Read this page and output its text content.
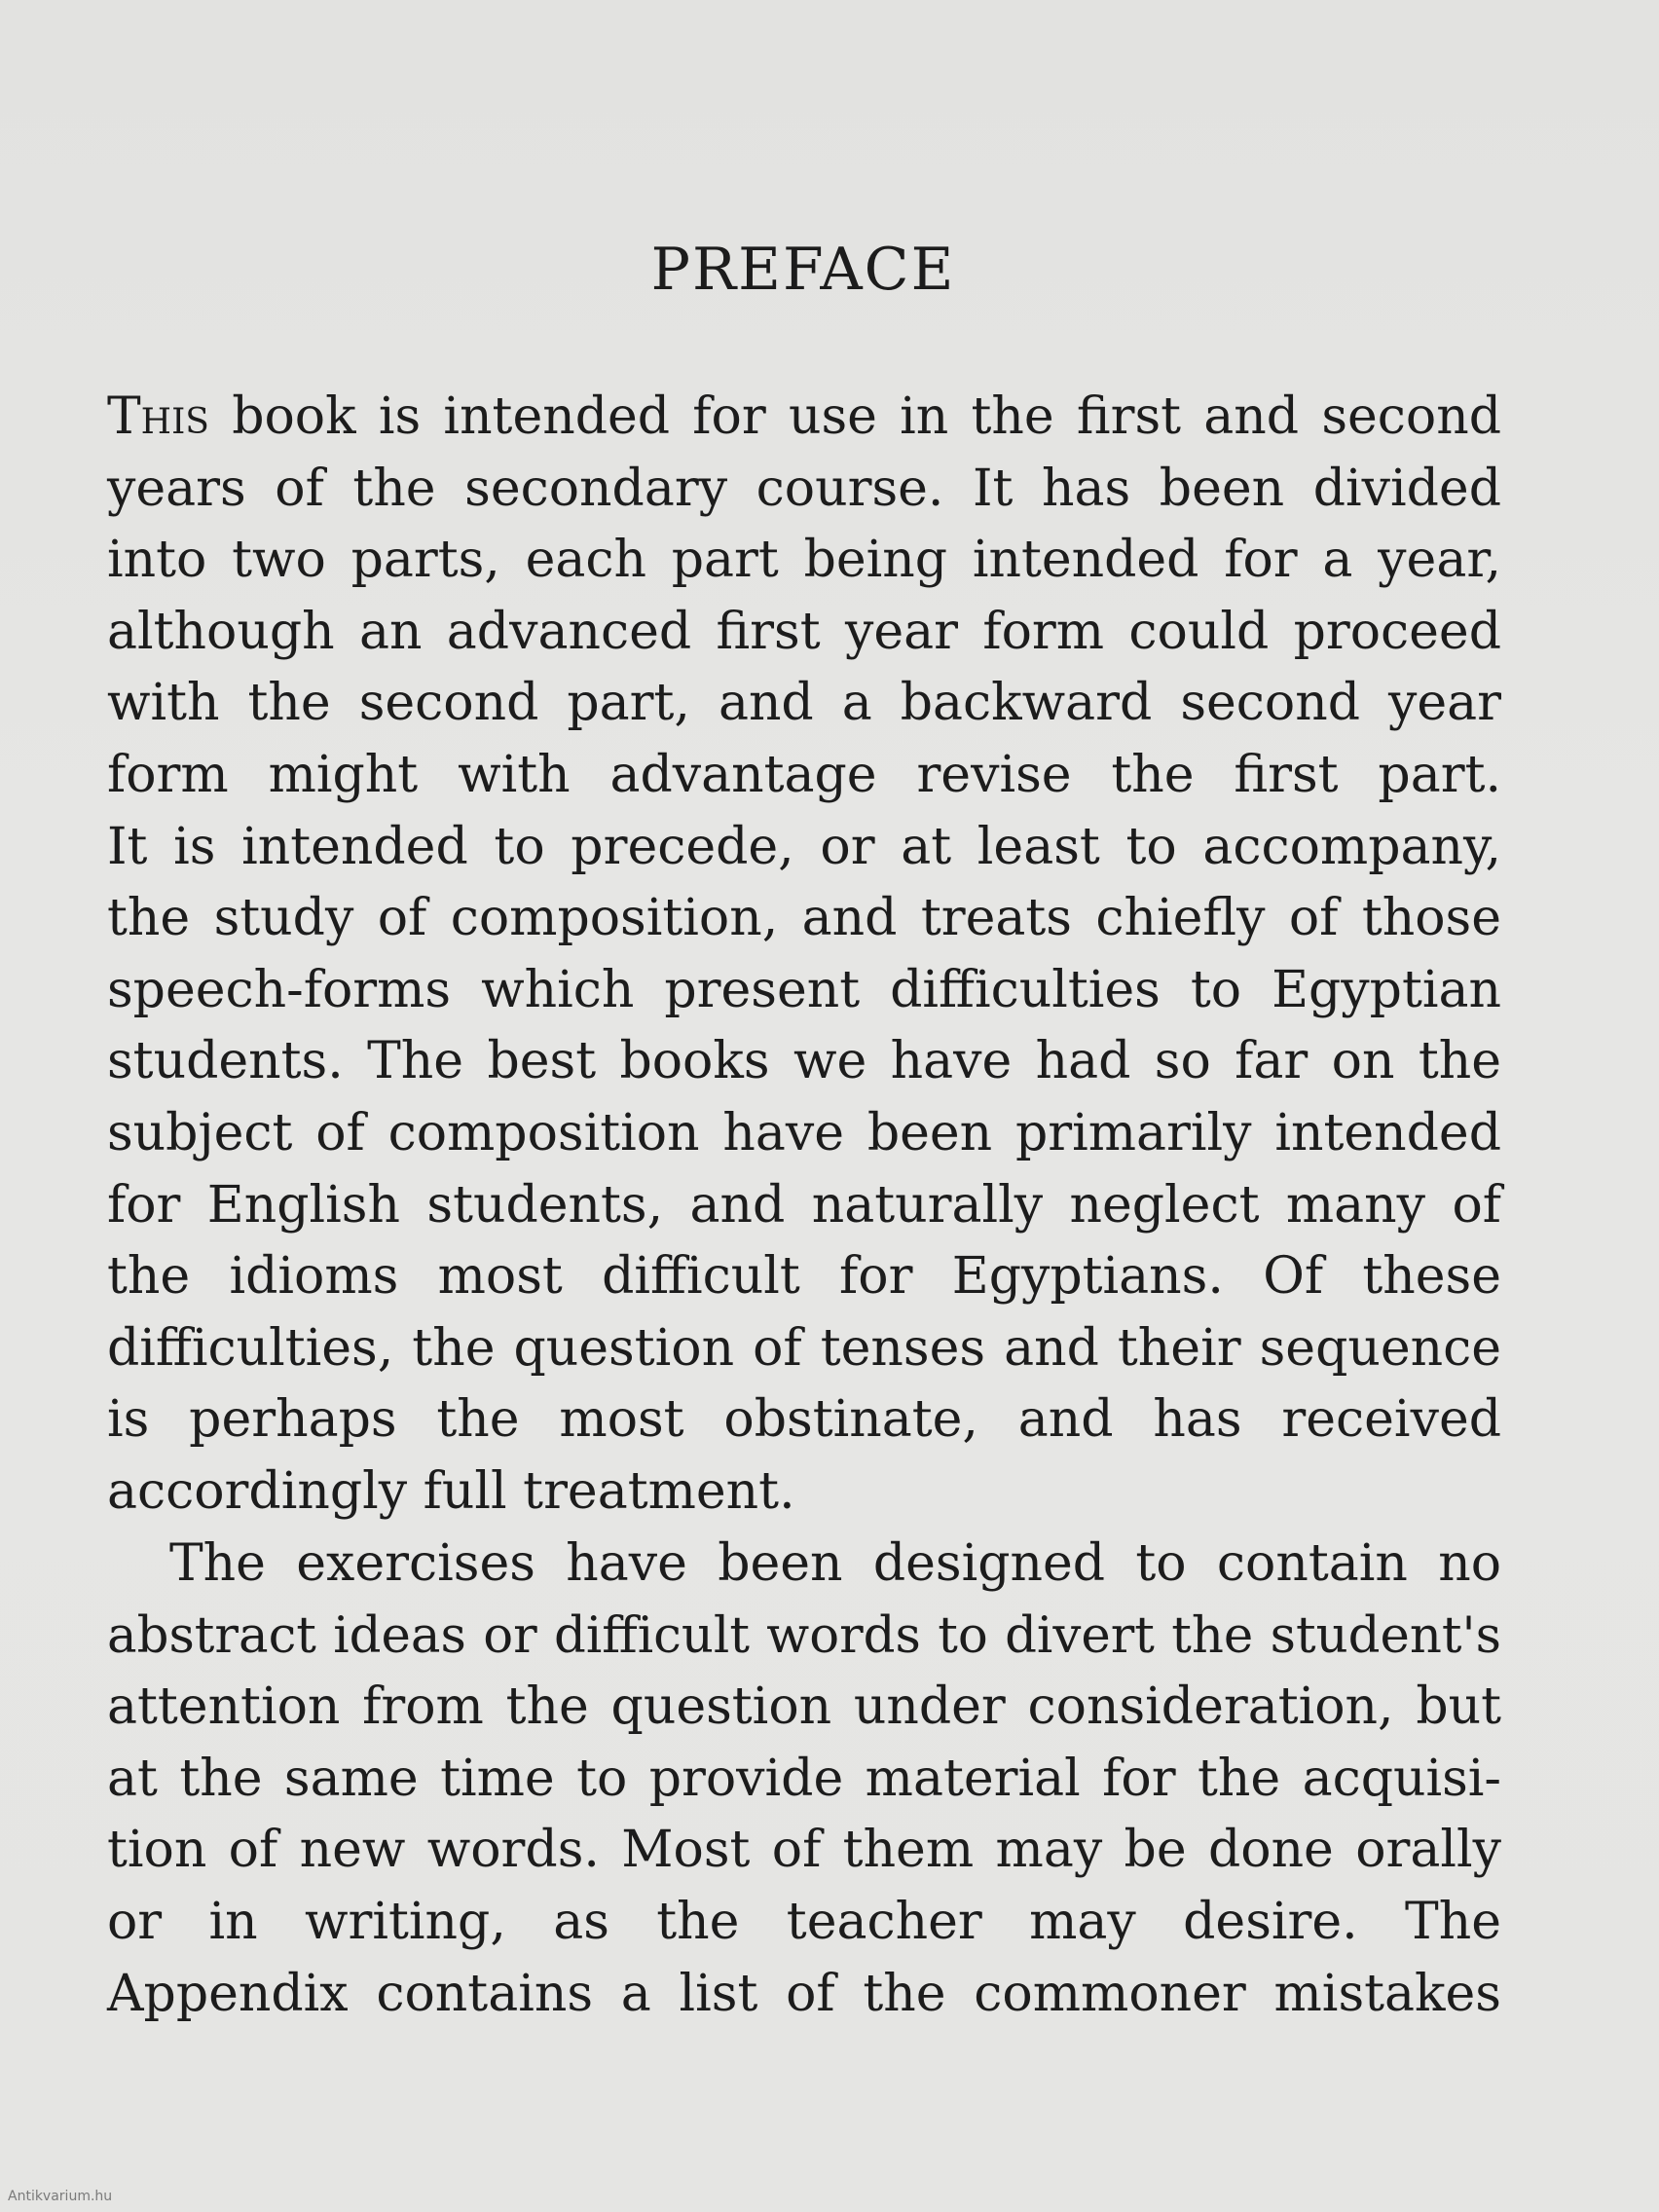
PREFACE
This book is intended for use in the first and second
years of the secondary course. It has been divided
into two parts, each part being intended for a year,
although an advanced first year form could proceed
with the second part, and a backward second year
form might with advantage revise the first part.
It is intended to precede, or at least to accompany,
the study of composition, and treats chiefly of those
speech-forms which present difficulties to Egyptian
students. The best books we have had so far on the
subject of composition have been primarily intended
for English students, and naturally neglect many of
the idioms most difficult for Egyptians. Of these
difficulties, the question of tenses and their sequence
is perhaps the most obstinate, and has received
accordingly full treatment.
The exercises have been designed to contain no
abstract ideas or difficult words to divert the student's
attention from the question under consideration, but
at the same time to provide material for the acquisi-
tion of new words. Most of them may be done orally
or in writing, as the teacher may desire. The
Appendix contains a list of the commoner mistakes
Antikvarium.hu
